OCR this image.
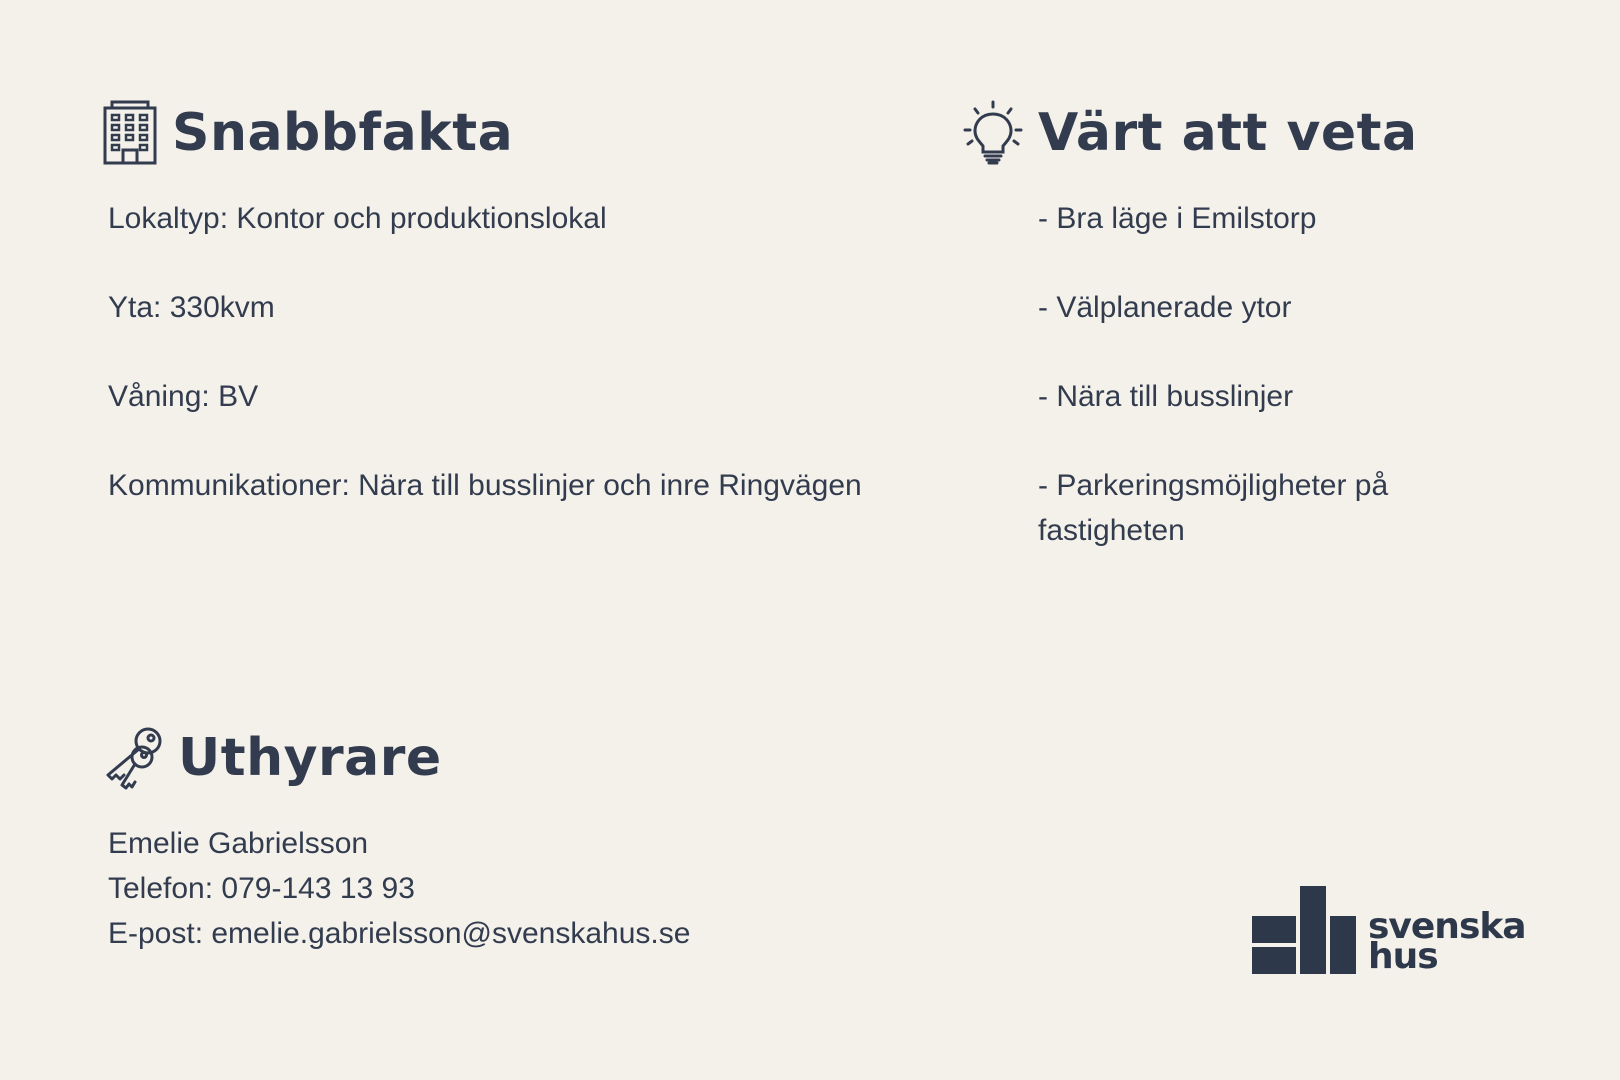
Snabbfakta
Lokaltyp: Kontor och produktionslokal
Yta: 330kvm
Våning: BV
Kommunikationer: Nära till busslinjer och inre Ringvägen
Värt att veta
- Bra läge i Emilstorp
- Välplanerade ytor
- Nära till busslinjer
- Parkeringsmöjligheter på fastigheten
Uthyrare
Emelie Gabrielsson
Telefon: 079-143 13 93
E-post: emelie.gabrielsson@svenskahus.se	svenska
hus
